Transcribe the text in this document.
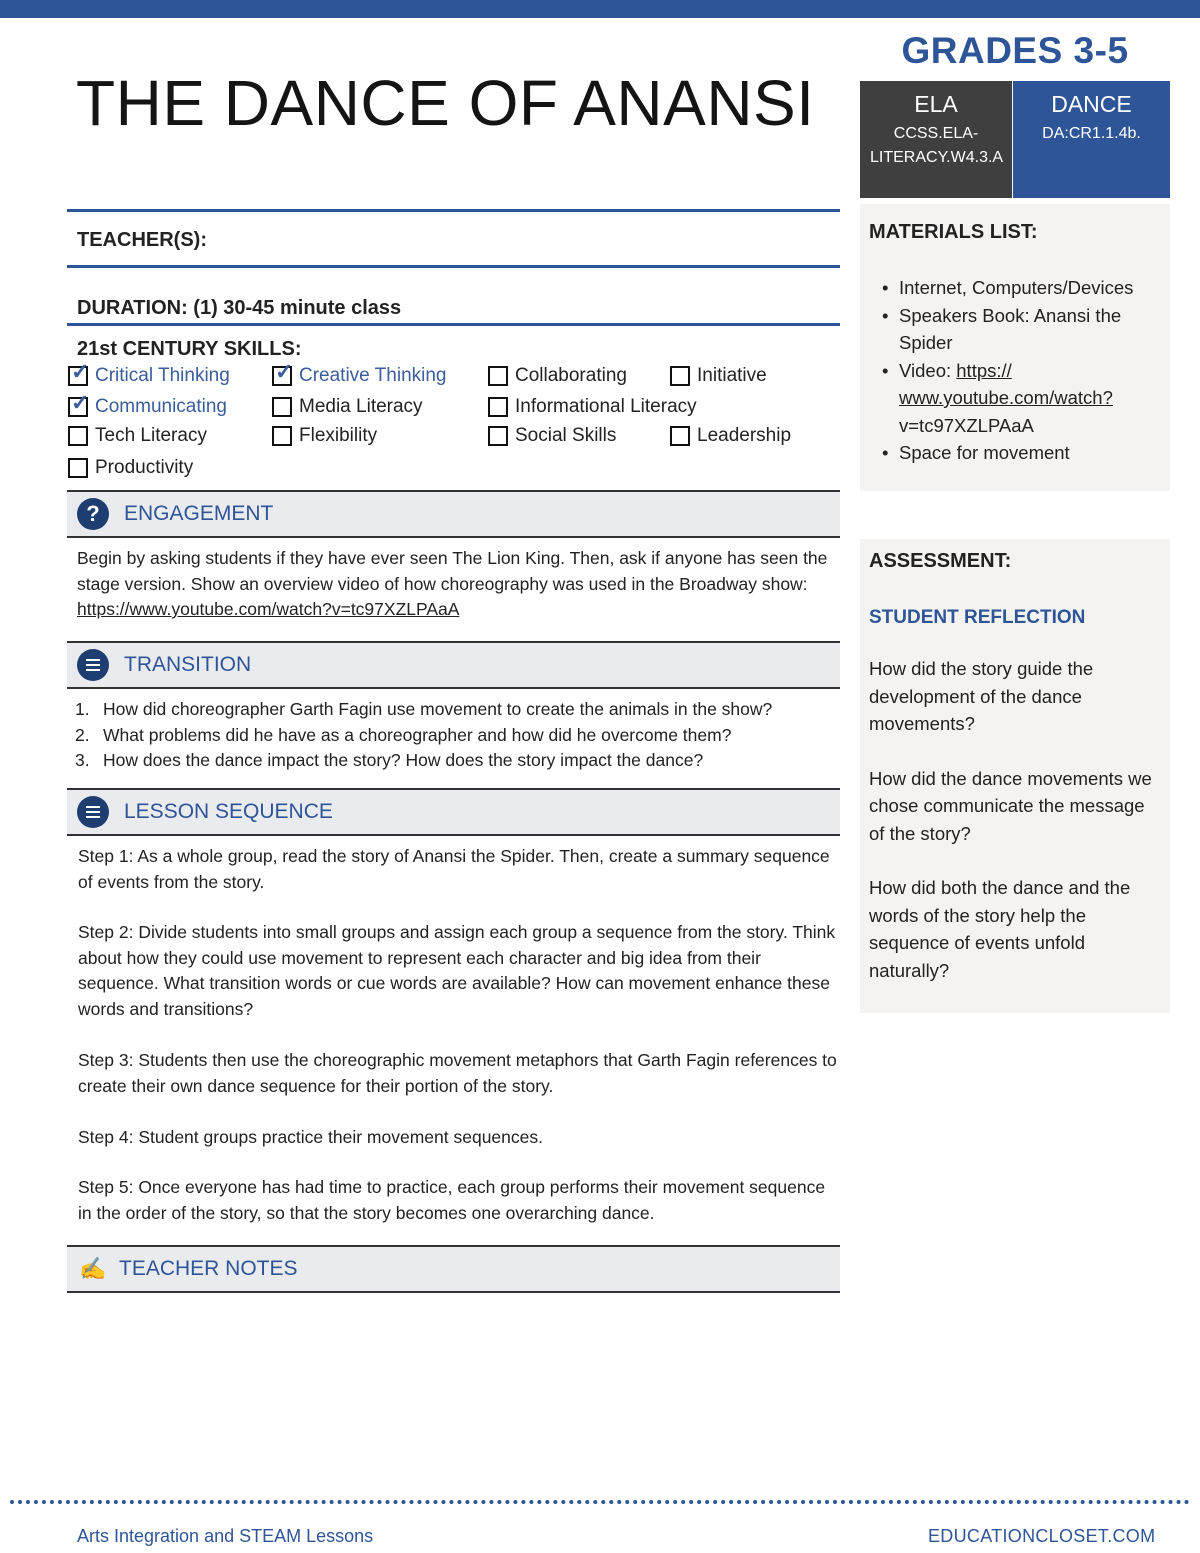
THE DANCE OF ANANSI
GRADES 3-5
ELA
CCSS.ELA-LITERACY.W4.3.A
DANCE
DA:CR1.1.4b.
TEACHER(S):
DURATION: (1) 30-45 minute class
21st CENTURY SKILLS:
✓ Critical Thinking ✓ Creative Thinking	Collaborating	Initiative
✓ Communicating	Media Literacy	Informational Literacy
Tech Literacy	Flexibility	Social Skills	Leadership
Productivity
?	ENGAGEMENT
Begin by asking students if they have ever seen The Lion King. Then, ask if anyone has seen the stage version. Show an overview video of how choreography was used in the Broadway show: https://www.youtube.com/watch?v=tc97XZLPAaA
TRANSITION
1. How did choreographer Garth Fagin use movement to create the animals in the show?
2. What problems did he have as a choreographer and how did he overcome them?
3. How does the dance impact the story? How does the story impact the dance?
LESSON SEQUENCE
Step 1: As a whole group, read the story of Anansi the Spider. Then, create a summary sequence of events from the story.
Step 2: Divide students into small groups and assign each group a sequence from the story. Think about how they could use movement to represent each character and big idea from their sequence. What transition words or cue words are available? How can movement enhance these words and transitions?
Step 3: Students then use the choreographic movement metaphors that Garth Fagin references to create their own dance sequence for their portion of the story.
Step 4: Student groups practice their movement sequences.
Step 5: Once everyone has had time to practice, each group performs their movement sequence in the order of the story, so that the story becomes one overarching dance.
✍ TEACHER NOTES
MATERIALS LIST:
• Internet, Computers/Devices
• Speakers Book: Anansi the Spider
• Video: https://
www.youtube.com/watch?
v=tc97XZLPAaA
• Space for movement
ASSESSMENT:
STUDENT REFLECTION
How did the story guide the development of the dance movements?
How did the dance movements we chose communicate the message of the story?
How did both the dance and the words of the story help the sequence of events unfold naturally?
Arts Integration and STEAM Lessons	EDUCATIONCLOSET.COM
